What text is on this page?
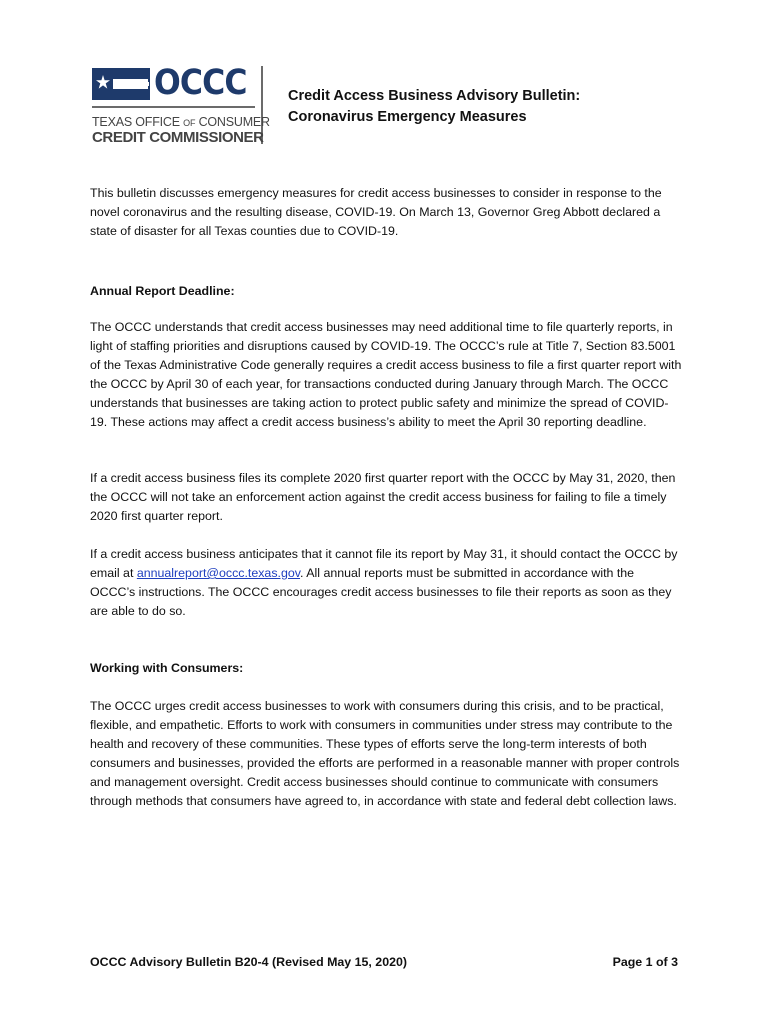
OCCC
TEXAS OFFICE OF CONSUMER
CREDIT COMMISSIONER
Credit Access Business Advisory Bulletin:
Coronavirus Emergency Measures

This bulletin discusses emergency measures for credit access businesses to consider in response to the novel coronavirus and the resulting disease, COVID-19. On March 13, Governor Greg Abbott declared a state of disaster for all Texas counties due to COVID-19.

Annual Report Deadline:

The OCCC understands that credit access businesses may need additional time to file quarterly reports, in light of staffing priorities and disruptions caused by COVID-19. The OCCC’s rule at Title 7, Section 83.5001 of the Texas Administrative Code generally requires a credit access business to file a first quarter report with the OCCC by April 30 of each year, for transactions conducted during January through March. The OCCC understands that businesses are taking action to protect public safety and minimize the spread of COVID-19. These actions may affect a credit access business’s ability to meet the April 30 reporting deadline.

If a credit access business files its complete 2020 first quarter report with the OCCC by May 31, 2020, then the OCCC will not take an enforcement action against the credit access business for failing to file a timely 2020 first quarter report.

If a credit access business anticipates that it cannot file its report by May 31, it should contact the OCCC by email at annualreport@occc.texas.gov. All annual reports must be submitted in accordance with the OCCC’s instructions. The OCCC encourages credit access businesses to file their reports as soon as they are able to do so.

Working with Consumers:

The OCCC urges credit access businesses to work with consumers during this crisis, and to be practical, flexible, and empathetic. Efforts to work with consumers in communities under stress may contribute to the health and recovery of these communities. These types of efforts serve the long-term interests of both consumers and businesses, provided the efforts are performed in a reasonable manner with proper controls and management oversight. Credit access businesses should continue to communicate with consumers through methods that consumers have agreed to, in accordance with state and federal debt collection laws.

OCCC Advisory Bulletin B20-4 (Revised May 15, 2020)	Page 1 of 3
